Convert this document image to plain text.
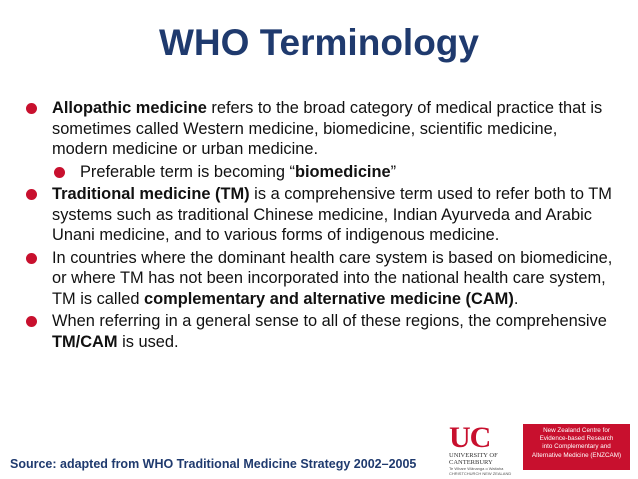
WHO Terminology
Allopathic medicine refers to the broad category of medical practice that is sometimes called Western medicine, biomedicine, scientific medicine, modern medicine or urban medicine.
Preferable term is becoming “biomedicine”
Traditional medicine (TM) is a comprehensive term used to refer both to TM systems such as traditional Chinese medicine, Indian Ayurveda and Arabic Unani medicine, and to various forms of indigenous medicine.
In countries where the dominant health care system is based on biomedicine, or where TM has not been incorporated into the national health care system, TM is called complementary and alternative medicine (CAM).
When referring in a general sense to all of these regions, the comprehensive TM/CAM is used.
Source: adapted from WHO Traditional Medicine Strategy 2002–2005
UC
UNIVERSITY OF
CANTERBURY
Te Whare Wānanga o Waitaha
CHRISTCHURCH NEW ZEALAND
New Zealand Centre for
Evidence-based Research
into Complementary and
Alternative Medicine (ENZCAM)
